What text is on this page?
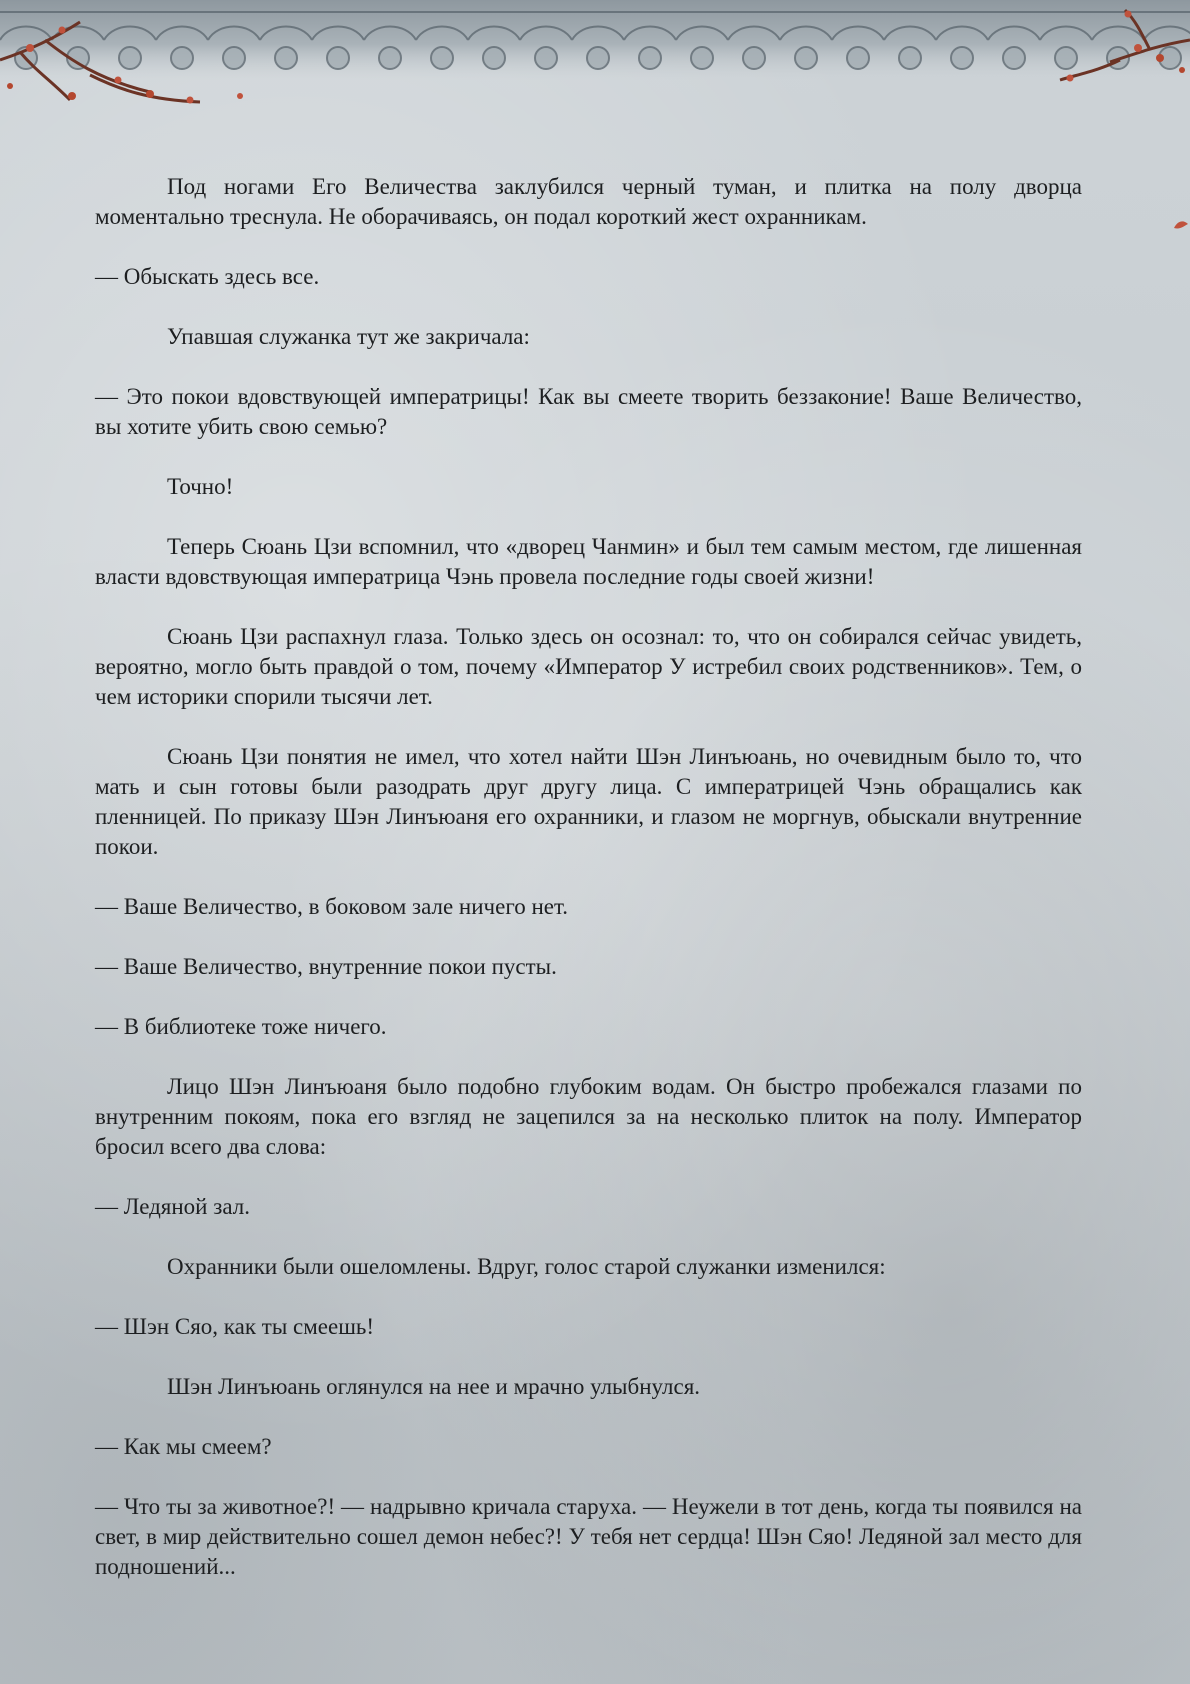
Под ногами Его Величества заклубился черный туман, и плитка на полу дворца моментально треснула. Не оборачиваясь, он подал короткий жест охранникам.

— Обыскать здесь все.

Упавшая служанка тут же закричала:

— Это покои вдовствующей императрицы! Как вы смеете творить беззаконие! Ваше Величество, вы хотите убить свою семью?

Точно!

Теперь Сюань Цзи вспомнил, что «дворец Чанмин» и был тем самым местом, где лишенная власти вдовствующая императрица Чэнь провела последние годы своей жизни!

Сюань Цзи распахнул глаза. Только здесь он осознал: то, что он собирался сейчас увидеть, вероятно, могло быть правдой о том, почему «Император У истребил своих родственников». Тем, о чем историки спорили тысячи лет.

Сюань Цзи понятия не имел, что хотел найти Шэн Линъюань, но очевидным было то, что мать и сын готовы были разодрать друг другу лица. С императрицей Чэнь обращались как пленницей. По приказу Шэн Линъюаня его охранники, и глазом не моргнув, обыскали внутренние покои.

— Ваше Величество, в боковом зале ничего нет.

— Ваше Величество, внутренние покои пусты.

— В библиотеке тоже ничего.

Лицо Шэн Линъюаня было подобно глубоким водам. Он быстро пробежался глазами по внутренним покоям, пока его взгляд не зацепился за на несколько плиток на полу. Император бросил всего два слова:

— Ледяной зал.

Охранники были ошеломлены. Вдруг, голос старой служанки изменился:

— Шэн Сяо, как ты смеешь!

Шэн Линъюань оглянулся на нее и мрачно улыбнулся.

— Как мы смеем?

— Что ты за животное?! — надрывно кричала старуха. — Неужели в тот день, когда ты появился на свет, в мир действительно сошел демон небес?! У тебя нет сердца! Шэн Сяо! Ледяной зал место для подношений...
